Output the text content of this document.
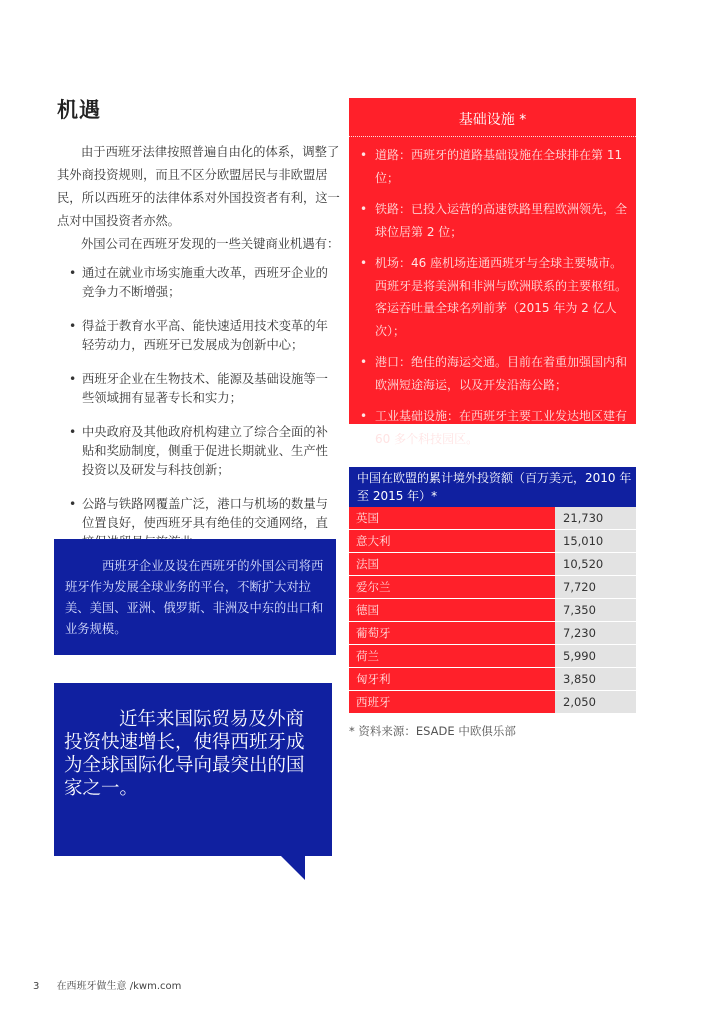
机遇
由于西班牙法律按照普遍自由化的体系，调整了其外商投资规则，而且不区分欧盟居民与非欧盟居民，所以西班牙的法律体系对外国投资者有利，这一点对中国投资者亦然。
外国公司在西班牙发现的一些关键商业机遇有：
• 通过在就业市场实施重大改革，西班牙企业的竞争力不断增强；
• 得益于教育水平高、能快速适用技术变革的年轻劳动力，西班牙已发展成为创新中心；
• 西班牙企业在生物技术、能源及基础设施等一些领域拥有显著专长和实力；
• 中央政府及其他政府机构建立了综合全面的补贴和奖励制度，侧重于促进长期就业、生产性投资以及研发与科技创新；
• 公路与铁路网覆盖广泛，港口与机场的数量与位置良好，使西班牙具有绝佳的交通网络，直
西班牙企业及设在西班牙的外国公司将西班牙作为发展全球业务的平台，不断扩大对拉美、美国、亚洲、俄罗斯、非洲及中东的出口和业务规模。
近年来国际贸易及外商投资快速增长，使得西班牙成为全球国际化导向最突出的国家之一。
基础设施 *
• 道路：西班牙的道路基础设施在全球排在第 11 位；
• 铁路：已投入运营的高速铁路里程欧洲领先，全球位居第 2 位；
• 机场：46 座机场连通西班牙与全球主要城市。西班牙是将美洲和非洲与欧洲联系的主要枢纽。客运吞吐量全球名列前茅（2015 年为 2 亿人次）；
• 港口：绝佳的海运交通。目前在着重加强国内和欧洲短途海运，以及开发沿海公路；
• 工业基础设施：在西班牙主要工业发达地区建有 60 多个科技园区。
中国在欧盟的累计境外投资额（百万美元，2010 年至 2015 年）*
英国	21,730
意大利	15,010
法国	10,520
爱尔兰	7,720
德国	7,350
葡萄牙	7,230
荷兰	5,990
匈牙利	3,850
西班牙	2,050
* 资料来源：ESADE 中欧俱乐部
3 在西班牙做生意 /kwm.com
